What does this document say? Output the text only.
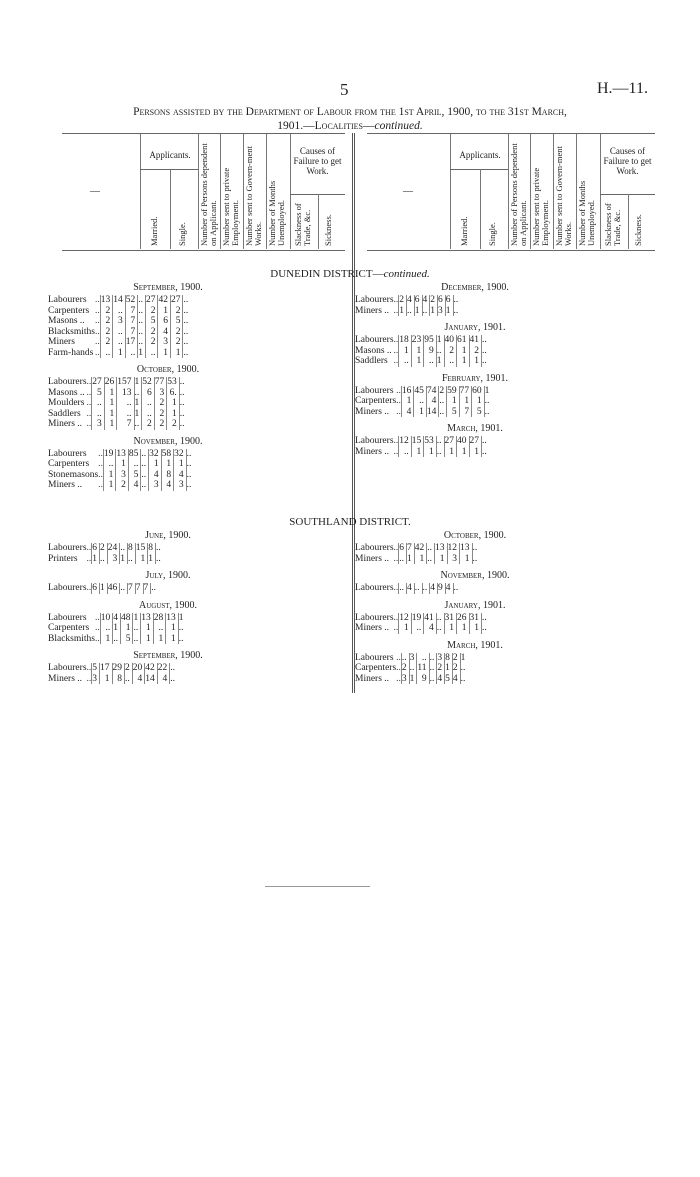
5	H.—11.
Persons assisted by the Department of Labour from the 1st April, 1900, to the 31st March,
1901.—Localities—continued.
—
Applicants.
Married. Single. Number of Persons dependent on Applicant. Number sent to private Employment. Number sent to Govern-ment Works. Number of Months Unemployed.
Causes of Failure to get Work.
Slackness of Trade, &c. Sickness.
—
Applicants.
Married. Single. Number of Persons dependent on Applicant. Number sent to private Employment. Number sent to Govern-ment Works. Number of Months Unemployed.
Causes of Failure to get Work.
Slackness of Trade, &c. Sickness.
DUNEDIN DISTRICT—continued.
SOUTHLAND DISTRICT.
September, 1900.
Labourers	..	13	14	52	..	27	42	27	..
Carpenters	..	2	..	7	..	2	1	2	..
Masons ..	..	2	3	7	..	5	6	5	..
Blacksmiths	..	2	..	7	..	2	4	2	..
Miners	..	2	..	17	..	2	3	2	..
Farm-hands	..	..	1	..	1	..	1	1	..
October, 1900.
Labourers	..	27	26	157	1	52	77	53	..
Masons ..	..	5	1	13	..	6	3	6.	..
Moulders	..	..	1	..	1	..	2	1	..
Saddlers	..	..	1	..	1	..	2	1	..
Miners ..	..	3	1	7	..	2	2	2	..
November, 1900.
Labourers	..	19	13	85	..	32	58	32	..
Carpenters	..	..	1	..	..	1	1	1	..
Stonemasons	..	1	3	5	..	4	8	4	..
Miners ..	..	1	2	4	..	3	4	3	..
December, 1900.
Labourers	..	2	4	6	4	2	6	6	..
Miners ..	..	1	..	1	..	1	3	1	..
January, 1901.
Labourers	..	18	23	95	1	40	61	41	..
Masons ..	..	1	1	9	..	2	1	2	..
Saddlers	..	..	1	..	1	..	1	1	..
February, 1901.
Labourers	..	16	45	74	2	59	77	60	1
Carpenters	..	1	..	4	..	1	1	1	..
Miners ..	..	4	1	14	..	5	7	5	..
March, 1901.
Labourers	..	12	15	53	..	27	40	27	..
Miners ..	..	..	1	1	..	1	1	1	..
June, 1900.
Labourers	..	6	2	24	..	8	15	8	..
Printers	..	1	..	3	1	..	1	1	..
July, 1900.
Labourers	..	6	1	46	..	7	7	7	..
August, 1900.
Labourers	..	10	4	48	1	13	28	13	1
Carpenters	..	..	1	1	..	1	..	1	..
Blacksmiths	..	1	..	5	..	1	1	1	..
September, 1900.
Labourers	..	5	17	29	2	20	42	22	..
Miners ..	..	3	1	8	..	4	14	4	..
October, 1900.
Labourers	..	6	7	42	..	13	12	13	..
Miners ..	..	..	1	1	..	1	3	1	..
November, 1900.
Labourers	..	..	4	..	..	4	9	4	..
January, 1901.
Labourers	..	12	19	41	..	31	26	31	..
Miners ..	..	1	..	4	..	1	1	1	..
March, 1901.
Labourers	..	..	3	..	..	3	8	2	1
Carpenters	..	2	..	11	..	2	1	2	..
Miners ..	..	3	1	9	..	4	5	4	..
